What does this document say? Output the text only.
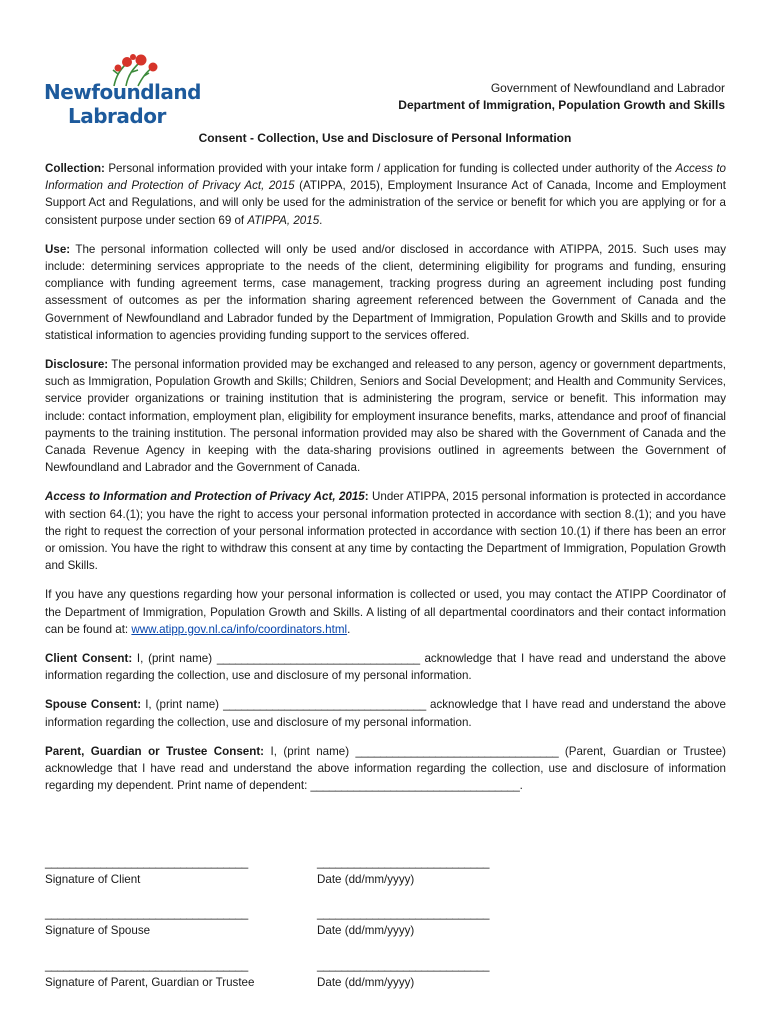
Newfoundland
Labrador
Government of Newfoundland and Labrador
Department of Immigration, Population Growth and Skills
Consent - Collection, Use and Disclosure of Personal Information

Collection: Personal information provided with your intake form / application for funding is collected under authority of the Access to Information and Protection of Privacy Act, 2015 (ATIPPA, 2015), Employment Insurance Act of Canada, Income and Employment Support Act and Regulations, and will only be used for the administration of the service or benefit for which you are applying or for a consistent purpose under section 69 of ATIPPA, 2015.

Use: The personal information collected will only be used and/or disclosed in accordance with ATIPPA, 2015. Such uses may include: determining services appropriate to the needs of the client, determining eligibility for programs and funding, ensuring compliance with funding agreement terms, case management, tracking progress during an agreement including post funding assessment of outcomes as per the information sharing agreement referenced between the Government of Canada and the Government of Newfoundland and Labrador funded by the Department of Immigration, Population Growth and Skills and to provide statistical information to agencies providing funding support to the services offered.

Disclosure: The personal information provided may be exchanged and released to any person, agency or government departments, such as Immigration, Population Growth and Skills; Children, Seniors and Social Development; and Health and Community Services, service provider organizations or training institution that is administering the program, service or benefit. This information may include: contact information, employment plan, eligibility for employment insurance benefits, marks, attendance and proof of financial payments to the training institution. The personal information provided may also be shared with the Government of Canada and the Canada Revenue Agency in keeping with the data-sharing provisions outlined in agreements between the Government of Newfoundland and Labrador and the Government of Canada.

Access to Information and Protection of Privacy Act, 2015: Under ATIPPA, 2015 personal information is protected in accordance with section 64.(1); you have the right to access your personal information protected in accordance with section 8.(1); and you have the right to request the correction of your personal information protected in accordance with section 10.(1) if there has been an error or omission. You have the right to withdraw this consent at any time by contacting the Department of Immigration, Population Growth and Skills.

If you have any questions regarding how your personal information is collected or used, you may contact the ATIPP Coordinator of the Department of Immigration, Population Growth and Skills. A listing of all departmental coordinators and their contact information can be found at: www.atipp.gov.nl.ca/info/coordinators.html.

Client Consent: I, (print name) _________________________________ acknowledge that I have read and understand the above information regarding the collection, use and disclosure of my personal information.

Spouse Consent: I, (print name) _________________________________ acknowledge that I have read and understand the above information regarding the collection, use and disclosure of my personal information.

Parent, Guardian or Trustee Consent: I, (print name) _________________________________ (Parent, Guardian or Trustee) acknowledge that I have read and understand the above information regarding the collection, use and disclosure of information regarding my dependent. Print name of dependent: __________________________________.

_________________________________
Signature of Client
____________________________
Date (dd/mm/yyyy)
_________________________________
Signature of Spouse
____________________________
Date (dd/mm/yyyy)
_________________________________
Signature of Parent, Guardian or Trustee
____________________________
Date (dd/mm/yyyy)
